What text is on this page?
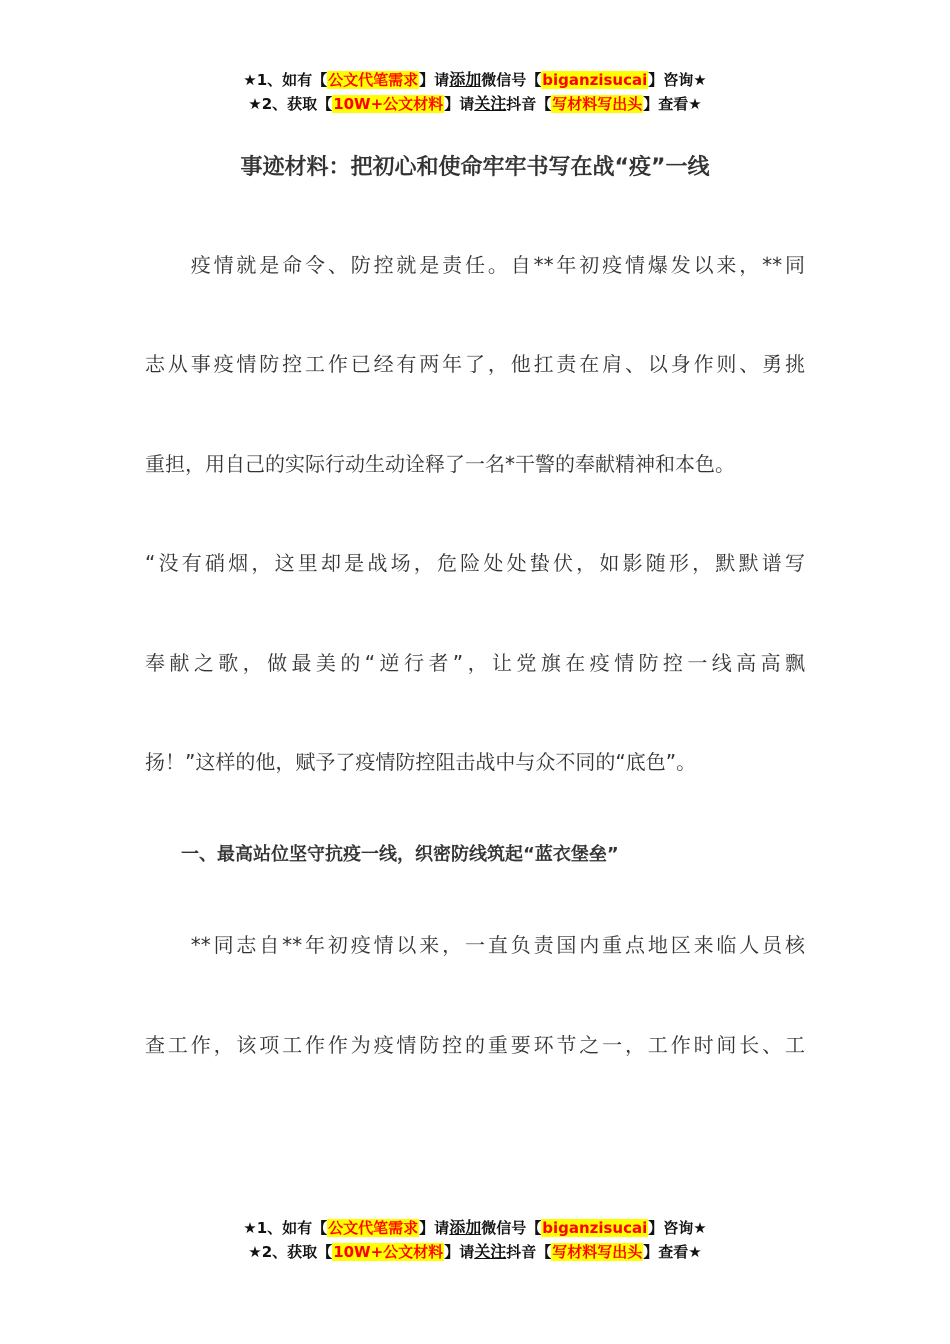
★1、如有【公文代笔需求】请添加微信号【biganzisucai】咨询★
★2、获取【10W+公文材料】请关注抖音【写材料写出头】查看★
事迹材料：把初心和使命牢牢书写在战“疫”一线
　　疫情就是命令、防控就是责任。自**年初疫情爆发以来，**同
志从事疫情防控工作已经有两年了，他扛责在肩、以身作则、勇挑
重担，用自己的实际行动生动诠释了一名*干警的奉献精神和本色。
“没有硝烟，这里却是战场，危险处处蛰伏，如影随形，默默谱写
奉献之歌，做最美的“逆行者”，让党旗在疫情防控一线高高飘
扬！”这样的他，赋予了疫情防控阻击战中与众不同的“底色”。
　　一、最高站位坚守抗疫一线，织密防线筑起“蓝衣堡垒”
　　**同志自**年初疫情以来，一直负责国内重点地区来临人员核
查工作，该项工作作为疫情防控的重要环节之一，工作时间长、工
★1、如有【公文代笔需求】请添加微信号【biganzisucai】咨询★
★2、获取【10W+公文材料】请关注抖音【写材料写出头】查看★
